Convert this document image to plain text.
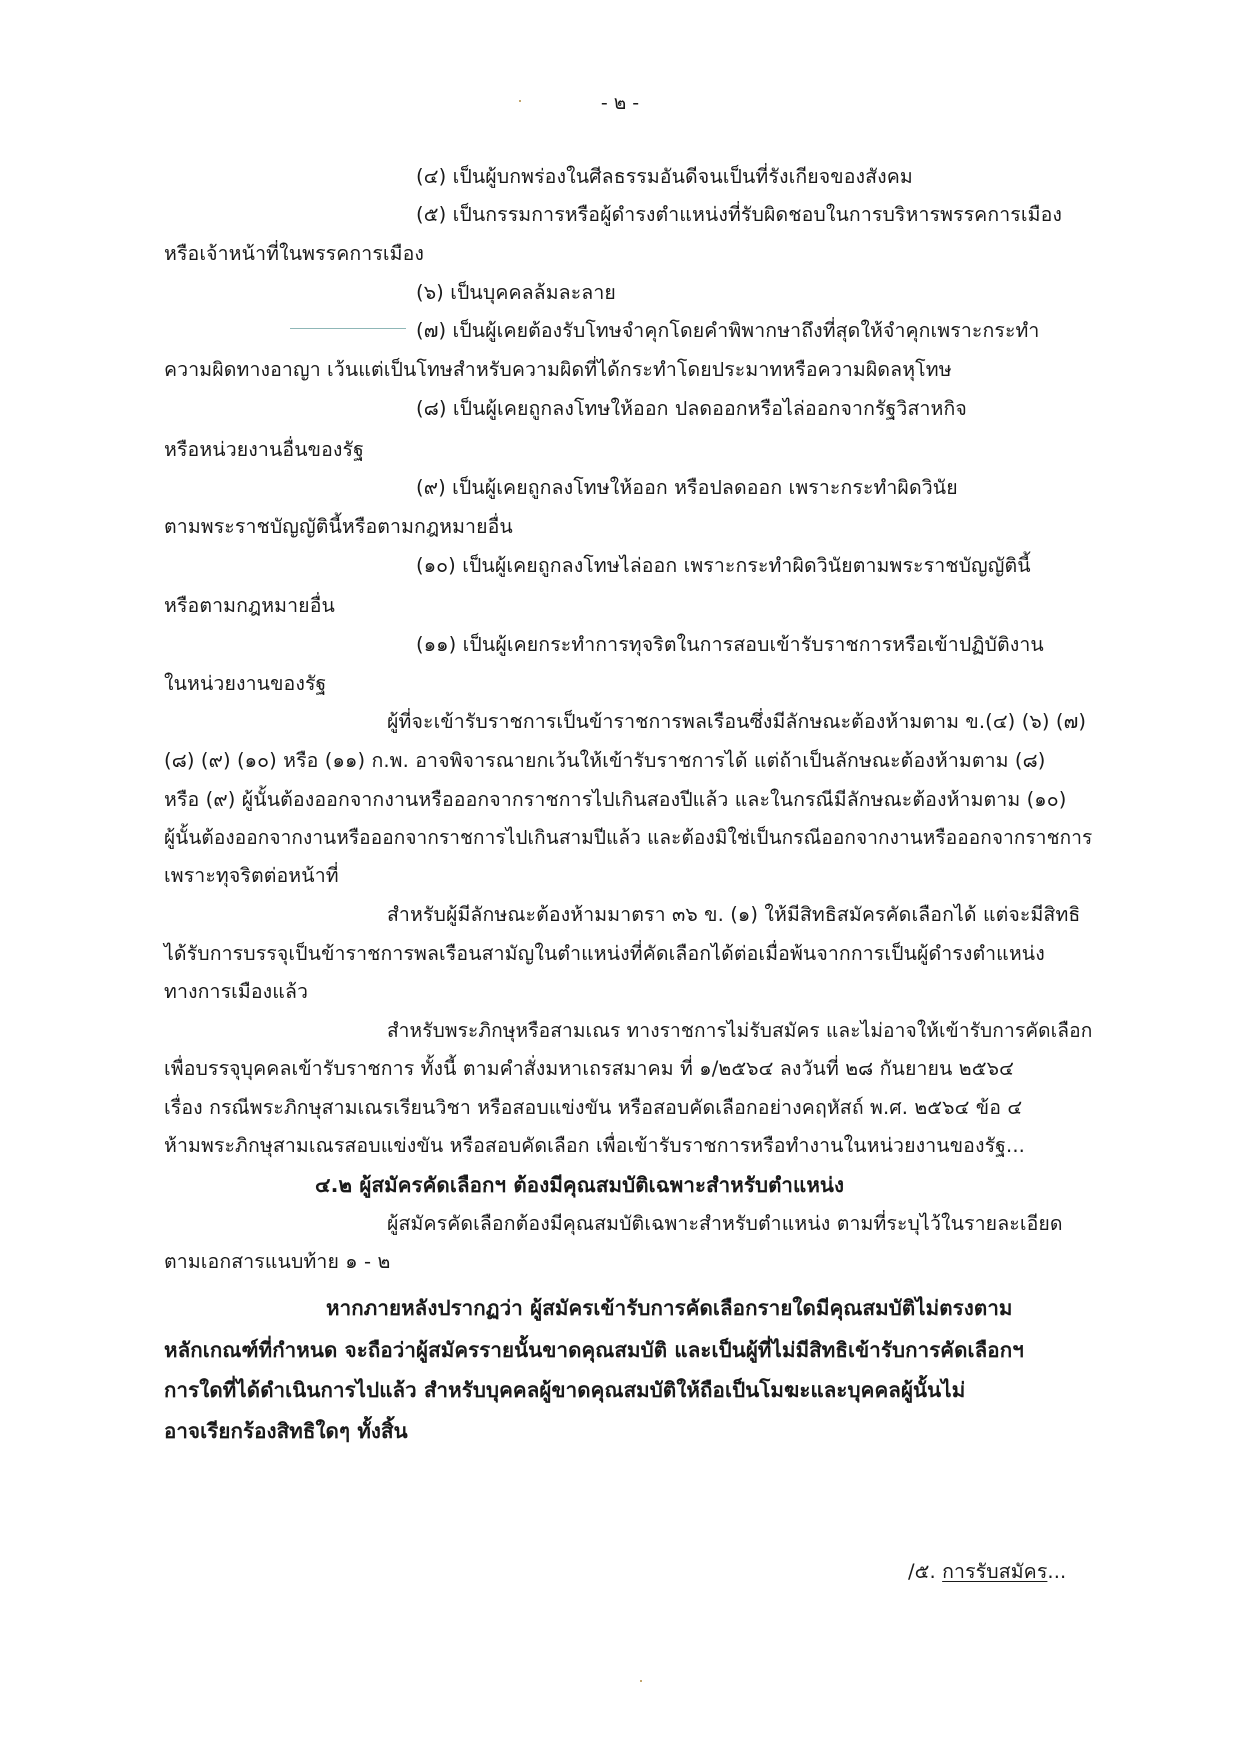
- ๒ -
(๔) เป็นผู้บกพร่องในศีลธรรมอันดีจนเป็นที่รังเกียจของสังคม
(๕) เป็นกรรมการหรือผู้ดำรงตำแหน่งที่รับผิดชอบในการบริหารพรรคการเมือง
หรือเจ้าหน้าที่ในพรรคการเมือง
(๖) เป็นบุคคลล้มละลาย
(๗) เป็นผู้เคยต้องรับโทษจำคุกโดยคำพิพากษาถึงที่สุดให้จำคุกเพราะกระทำ
ความผิดทางอาญา เว้นแต่เป็นโทษสำหรับความผิดที่ได้กระทำโดยประมาทหรือความผิดลหุโทษ
(๘) เป็นผู้เคยถูกลงโทษให้ออก ปลดออกหรือไล่ออกจากรัฐวิสาหกิจ
หรือหน่วยงานอื่นของรัฐ
(๙) เป็นผู้เคยถูกลงโทษให้ออก หรือปลดออก เพราะกระทำผิดวินัย
ตามพระราชบัญญัตินี้หรือตามกฎหมายอื่น
(๑๐) เป็นผู้เคยถูกลงโทษไล่ออก เพราะกระทำผิดวินัยตามพระราชบัญญัตินี้
หรือตามกฎหมายอื่น
(๑๑) เป็นผู้เคยกระทำการทุจริตในการสอบเข้ารับราชการหรือเข้าปฏิบัติงาน
ในหน่วยงานของรัฐ
ผู้ที่จะเข้ารับราชการเป็นข้าราชการพลเรือนซึ่งมีลักษณะต้องห้ามตาม ข.(๔) (๖) (๗)
(๘) (๙) (๑๐) หรือ (๑๑) ก.พ. อาจพิจารณายกเว้นให้เข้ารับราชการได้ แต่ถ้าเป็นลักษณะต้องห้ามตาม (๘)
หรือ (๙) ผู้นั้นต้องออกจากงานหรือออกจากราชการไปเกินสองปีแล้ว และในกรณีมีลักษณะต้องห้ามตาม (๑๐)
ผู้นั้นต้องออกจากงานหรือออกจากราชการไปเกินสามปีแล้ว และต้องมิใช่เป็นกรณีออกจากงานหรือออกจากราชการ
เพราะทุจริตต่อหน้าที่
สำหรับผู้มีลักษณะต้องห้ามมาตรา ๓๖ ข. (๑) ให้มีสิทธิสมัครคัดเลือกได้ แต่จะมีสิทธิ
ได้รับการบรรจุเป็นข้าราชการพลเรือนสามัญในตำแหน่งที่คัดเลือกได้ต่อเมื่อพ้นจากการเป็นผู้ดำรงตำแหน่ง
ทางการเมืองแล้ว
สำหรับพระภิกษุหรือสามเณร ทางราชการไม่รับสมัคร และไม่อาจให้เข้ารับการคัดเลือก
เพื่อบรรจุบุคคลเข้ารับราชการ ทั้งนี้ ตามคำสั่งมหาเถรสมาคม ที่ ๑/๒๕๖๔ ลงวันที่ ๒๘ กันยายน ๒๕๖๔
เรื่อง กรณีพระภิกษุสามเณรเรียนวิชา หรือสอบแข่งขัน หรือสอบคัดเลือกอย่างคฤหัสถ์ พ.ศ. ๒๕๖๔ ข้อ ๔
ห้ามพระภิกษุสามเณรสอบแข่งขัน หรือสอบคัดเลือก เพื่อเข้ารับราชการหรือทำงานในหน่วยงานของรัฐ...
๔.๒ ผู้สมัครคัดเลือกฯ ต้องมีคุณสมบัติเฉพาะสำหรับตำแหน่ง
ผู้สมัครคัดเลือกต้องมีคุณสมบัติเฉพาะสำหรับตำแหน่ง ตามที่ระบุไว้ในรายละเอียด
ตามเอกสารแนบท้าย ๑ - ๒
หากภายหลังปรากฏว่า ผู้สมัครเข้ารับการคัดเลือกรายใดมีคุณสมบัติไม่ตรงตาม
หลักเกณฑ์ที่กำหนด จะถือว่าผู้สมัครรายนั้นขาดคุณสมบัติ และเป็นผู้ที่ไม่มีสิทธิเข้ารับการคัดเลือกฯ
การใดที่ได้ดำเนินการไปแล้ว สำหรับบุคคลผู้ขาดคุณสมบัติให้ถือเป็นโมฆะและบุคคลผู้นั้นไม่
อาจเรียกร้องสิทธิใดๆ ทั้งสิ้น
/๕. การรับสมัคร...
